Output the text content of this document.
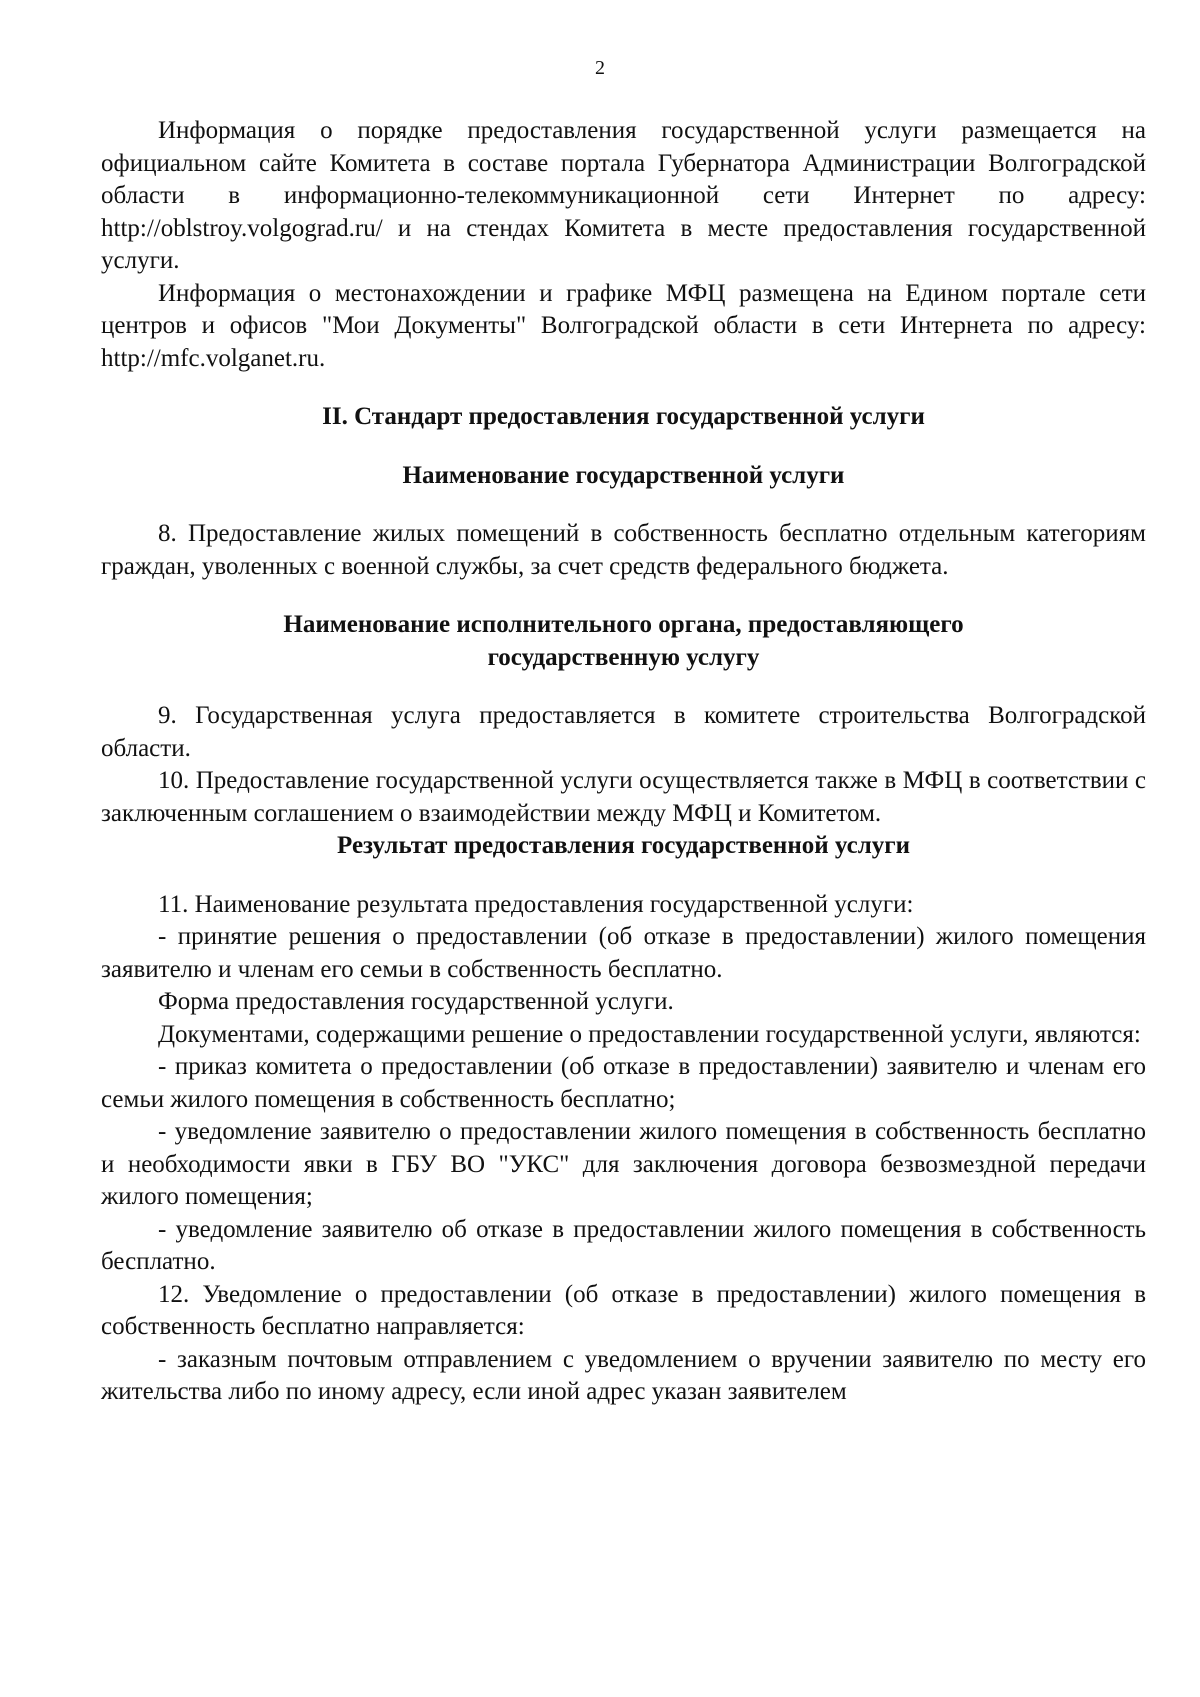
2

Информация о порядке предоставления государственной услуги размещается на официальном сайте Комитета в составе портала Губернатора Администрации Волгоградской области в информационно-телекоммуникационной сети Интернет по адресу: http://oblstroy.volgograd.ru/ и на стендах Комитета в месте предоставления государственной услуги.

Информация о местонахождении и графике МФЦ размещена на Едином портале сети центров и офисов "Мои Документы" Волгоградской области в сети Интернета по адресу: http://mfc.volganet.ru.

II. Стандарт предоставления государственной услуги
Наименование государственной услуги

8. Предоставление жилых помещений в собственность бесплатно отдельным категориям граждан, уволенных с военной службы, за счет средств федерального бюджета.

Наименование исполнительного органа, предоставляющего
государственную услугу

9. Государственная услуга предоставляется в комитете строительства Волгоградской области.

10. Предоставление государственной услуги осуществляется также в МФЦ в соответствии с заключенным соглашением о взаимодействии между МФЦ и Комитетом.

Результат предоставления государственной услуги

11. Наименование результата предоставления государственной услуги:

- принятие решения о предоставлении (об отказе в предоставлении) жилого помещения заявителю и членам его семьи в собственность бесплатно.

Форма предоставления государственной услуги.

Документами, содержащими решение о предоставлении государственной услуги, являются:

- приказ комитета о предоставлении (об отказе в предоставлении) заявителю и членам его семьи жилого помещения в собственность бесплатно;

- уведомление заявителю о предоставлении жилого помещения в собственность бесплатно и необходимости явки в ГБУ ВО "УКС" для заключения договора безвозмездной передачи жилого помещения;

- уведомление заявителю об отказе в предоставлении жилого помещения в собственность бесплатно.

12. Уведомление о предоставлении (об отказе в предоставлении) жилого помещения в собственность бесплатно направляется:

- заказным почтовым отправлением с уведомлением о вручении заявителю по месту его жительства либо по иному адресу, если иной адрес указан заявителем
